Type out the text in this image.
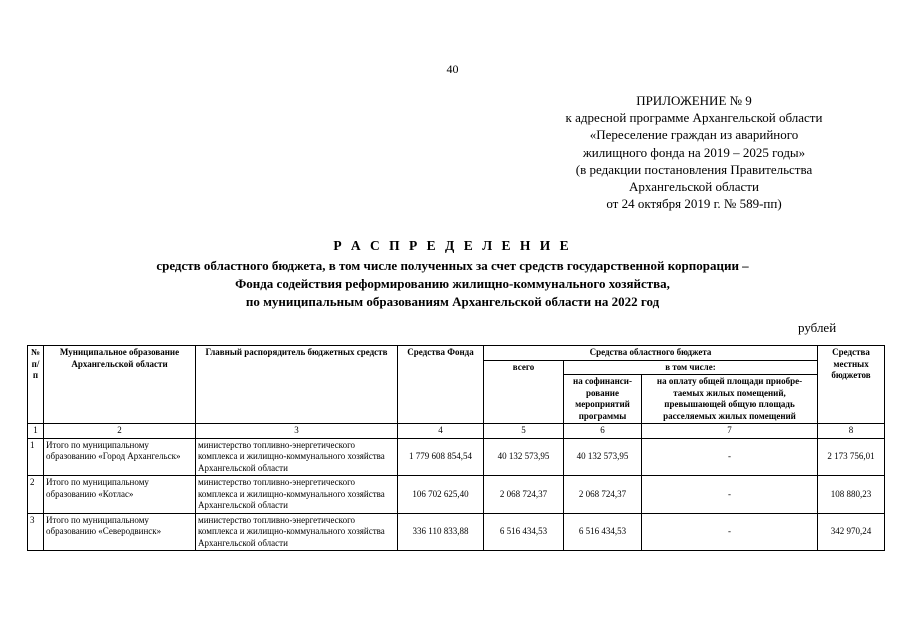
40
ПРИЛОЖЕНИЕ № 9
к адресной программе Архангельской области
«Переселение граждан из аварийного
жилищного фонда на 2019 – 2025 годы»
(в редакции постановления Правительства
Архангельской области
от 24 октября 2019 г. № 589-пп)
Р А С П Р Е Д Е Л Е Н И Е
средств областного бюджета, в том числе полученных за счет средств государственной корпорации –
Фонда содействия реформированию жилищно-коммунального хозяйства,
по муниципальным образованиям Архангельской области на 2022 год
рублей
№ п/п	Муниципальное образование Архангельской области	Главный распорядитель бюджетных средств	Средства Фонда	Средства областного бюджета			Средства местных бюджетов
				всего	в том числе:		
					на софинанси-рование мероприятий программы	на оплату общей площади приобре-таемых жилых помещений, превышающей общую площадь расселяемых жилых помещений	
1	2	3	4	5	6	7	8
1	Итого по муниципальному образованию «Город Архангельск»	министерство топливно-энергетического комплекса и жилищно-коммунального хозяйства Архангельской области	1 779 608 854,54	40 132 573,95	40 132 573,95	-	2 173 756,01
2	Итого по муниципальному образованию «Котлас»	министерство топливно-энергетического комплекса и жилищно-коммунального хозяйства Архангельской области	106 702 625,40	2 068 724,37	2 068 724,37	-	108 880,23
3	Итого по муниципальному образованию «Северодвинск»	министерство топливно-энергетического комплекса и жилищно-коммунального хозяйства Архангельской области	336 110 833,88	6 516 434,53	6 516 434,53	-	342 970,24
